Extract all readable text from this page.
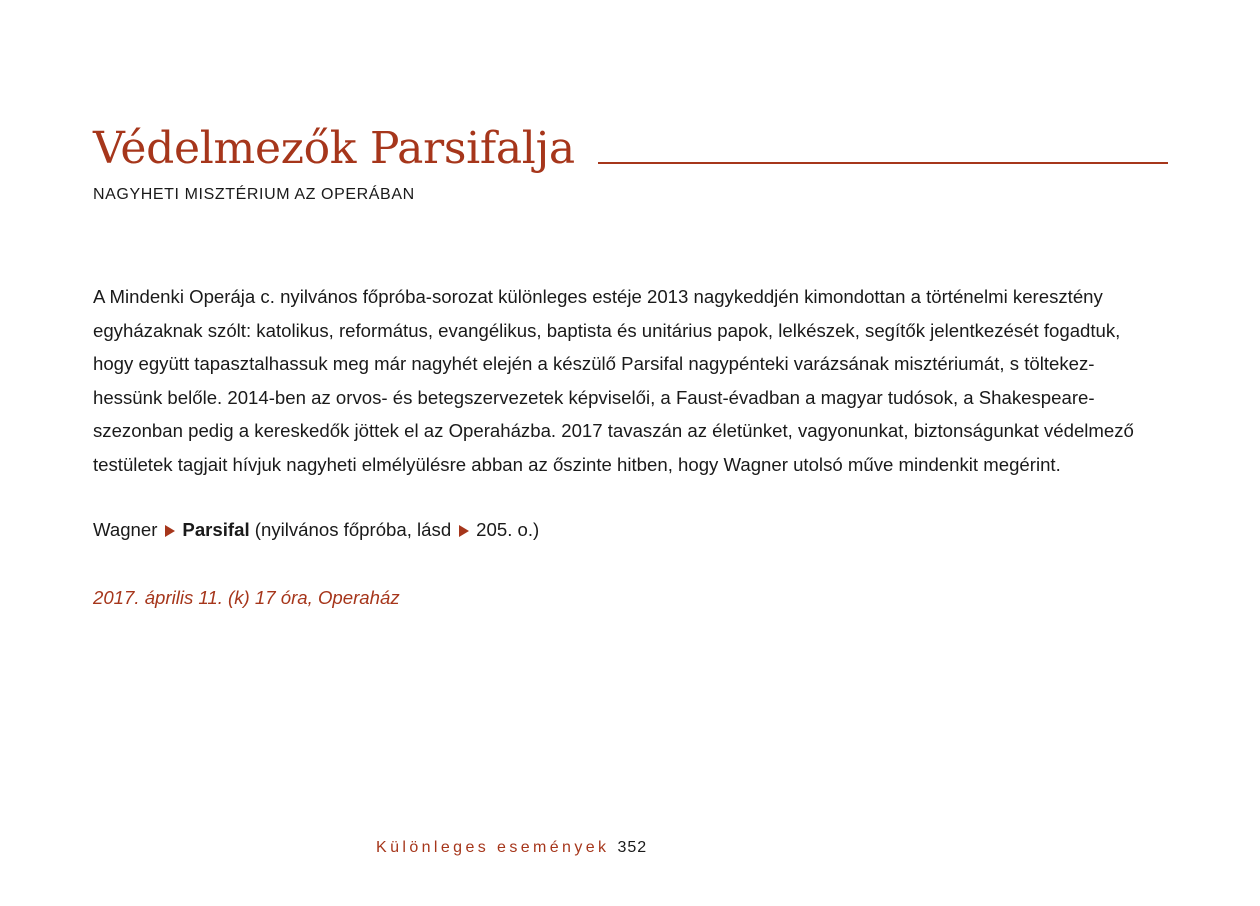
Védelmezők Parsifalja
NAGYHETI MISZTÉRIUM AZ OPERÁBAN

A Mindenki Operája c. nyilvános főpróba-sorozat különleges estéje 2013 nagykeddjén kimondottan a történelmi keresztény
egyházaknak szólt: katolikus, református, evangélikus, baptista és unitárius papok, lelkészek, segítők jelentkezését fogadtuk,
hogy együtt tapasztalhassuk meg már nagyhét elején a készülő Parsifal nagypénteki varázsának misztériumát, s töltekez-
hessünk belőle. 2014-ben az orvos- és betegszervezetek képviselői, a Faust-évadban a magyar tudósok, a Shakespeare-
szezonban pedig a kereskedők jöttek el az Operaházba. 2017 tavaszán az életünket, vagyonunkat, biztonságunkat védelmező
testületek tagjait hívjuk nagyheti elmélyülésre abban az őszinte hitben, hogy Wagner utolsó műve mindenkit megérint.

Wagner Parsifal (nyilvános főpróba, lásd 205. o.)
2017. április 11. (k) 17 óra, Operaház
Különleges események 352
